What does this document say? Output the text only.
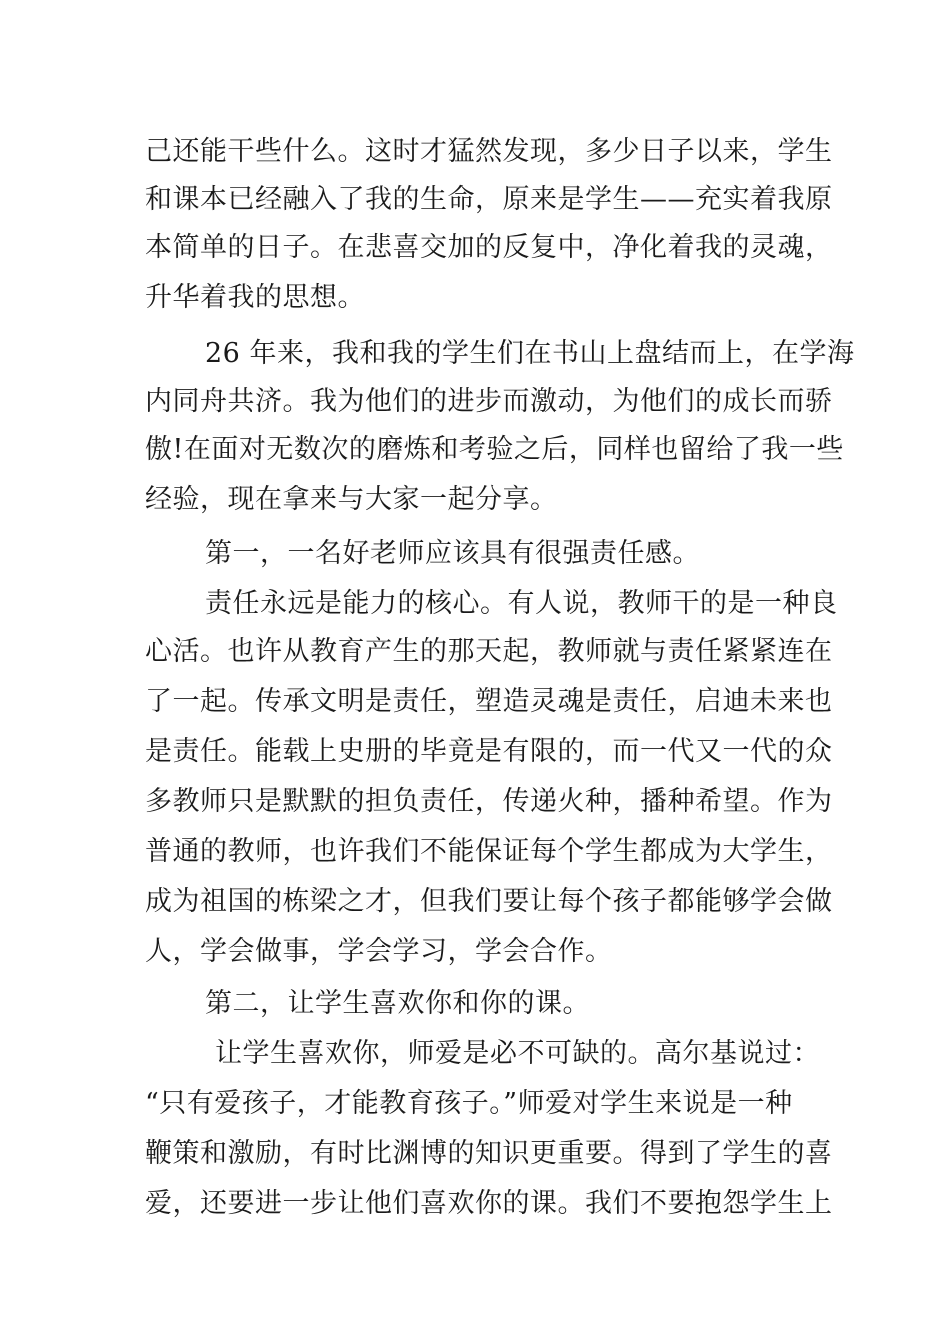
己还能干些什么。这时才猛然发现，多少日子以来，学生
和课本已经融入了我的生命，原来是学生——充实着我原
本简单的日子。在悲喜交加的反复中，净化着我的灵魂，
升华着我的思想。
26 年来，我和我的学生们在书山上盘结而上，在学海
内同舟共济。我为他们的进步而激动，为他们的成长而骄
傲!在面对无数次的磨炼和考验之后，同样也留给了我一些
经验，现在拿来与大家一起分享。
第一，一名好老师应该具有很强责任感。
责任永远是能力的核心。有人说，教师干的是一种良
心活。也许从教育产生的那天起，教师就与责任紧紧连在
了一起。传承文明是责任，塑造灵魂是责任，启迪未来也
是责任。能载上史册的毕竟是有限的，而一代又一代的众
多教师只是默默的担负责任，传递火种，播种希望。作为
普通的教师，也许我们不能保证每个学生都成为大学生，
成为祖国的栋梁之才，但我们要让每个孩子都能够学会做
人，学会做事，学会学习，学会合作。
第二，让学生喜欢你和你的课。
让学生喜欢你，师爱是必不可缺的。高尔基说过：
“只有爱孩子，才能教育孩子。”师爱对学生来说是一种
鞭策和激励，有时比渊博的知识更重要。得到了学生的喜
爱，还要进一步让他们喜欢你的课。我们不要抱怨学生上
